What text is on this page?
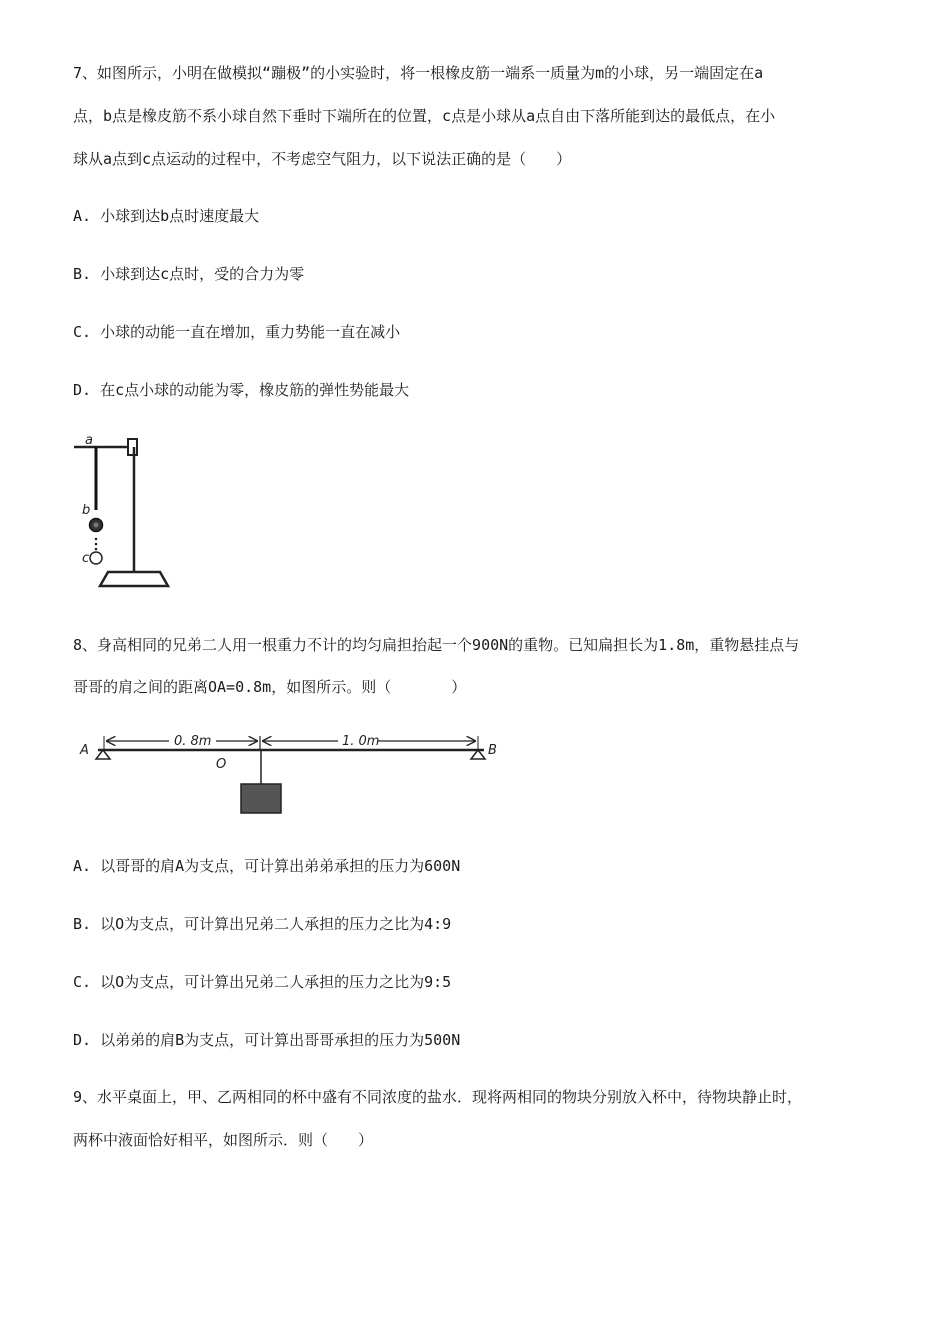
7、如图所示，小明在做模拟“蹦极”的小实验时，将一根橡皮筋一端系一质量为m的小球，另一端固定在a
点，b点是橡皮筋不系小球自然下垂时下端所在的位置，c点是小球从a点自由下落所能到达的最低点，在小
球从a点到c点运动的过程中，不考虑空气阻力，以下说法正确的是（　　）
A. 小球到达b点时速度最大
B. 小球到达c点时，受的合力为零
C. 小球的动能一直在增加，重力势能一直在减小
D. 在c点小球的动能为零，橡皮筋的弹性势能最大
a
b
c
8、身高相同的兄弟二人用一根重力不计的均匀扁担抬起一个900N的重物。已知扁担长为1.8m，重物悬挂点与
哥哥的肩之间的距离OA=0.8m，如图所示。则（　　　　）
0. 8m	1. 0m
A	B
O
A. 以哥哥的肩A为支点，可计算出弟弟承担的压力为600N
B. 以O为支点，可计算出兄弟二人承担的压力之比为4:9
C. 以O为支点，可计算出兄弟二人承担的压力之比为9:5
D. 以弟弟的肩B为支点，可计算出哥哥承担的压力为500N
9、水平桌面上，甲、乙两相同的杯中盛有不同浓度的盐水．现将两相同的物块分别放入杯中，待物块静止时，
两杯中液面恰好相平，如图所示．则（　　）
